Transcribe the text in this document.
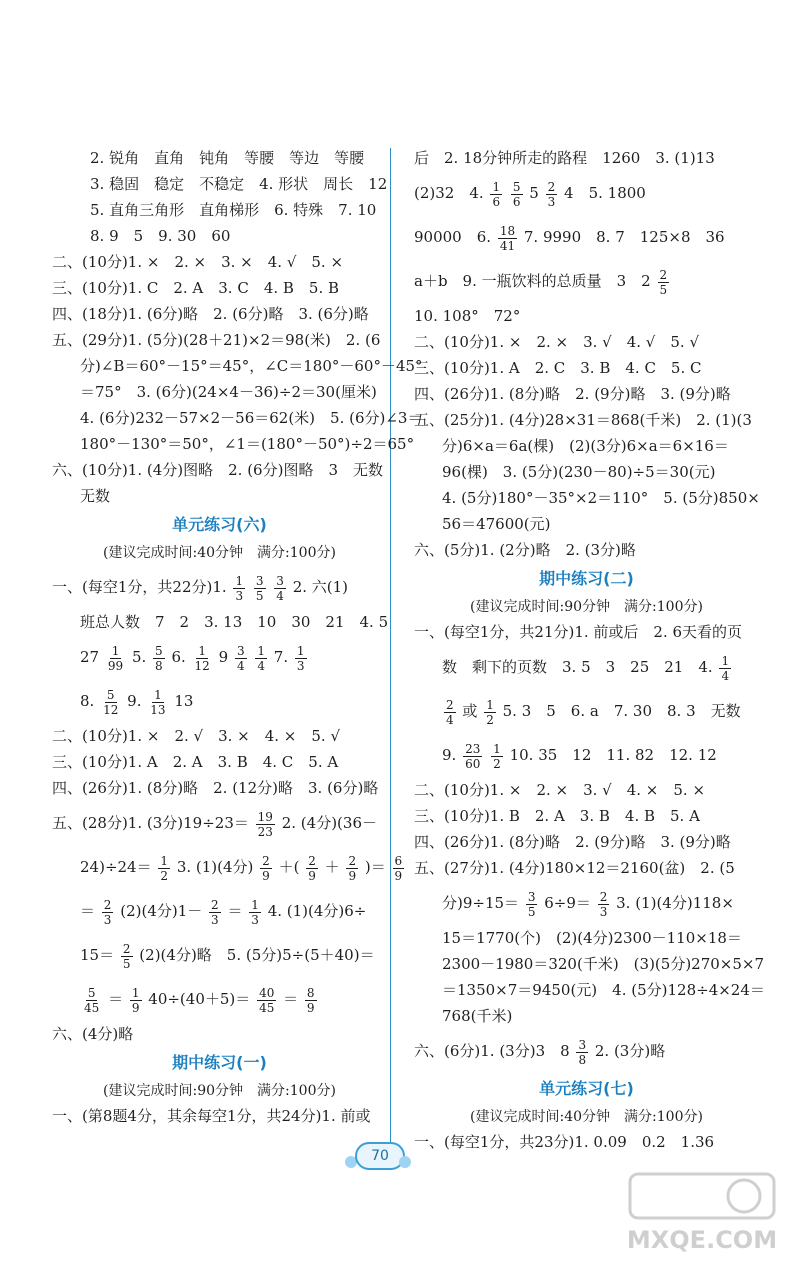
2. 锐角　直角　钝角　等腰　等边　等腰
3. 稳固　稳定　不稳定　4. 形状　周长　12
5. 直角三角形　直角梯形　6. 特殊　7. 10
8. 9　5　9. 30　60
二、(10分)1. ×　2. ×　3. ×　4. √　5. ×
三、(10分)1. C　2. A　3. C　4. B　5. B
四、(18分)1. (6分)略　2. (6分)略　3. (6分)略
五、(29分)1. (5分)(28＋21)×2＝98(米)　2. (6
分)∠B＝60°－15°＝45°，∠C＝180°－60°－45°
＝75°　3. (6分)(24×4－36)÷2＝30(厘米)
4. (6分)232－57×2－56＝62(米)　5. (6分)∠3＝
180°－130°＝50°，∠1＝(180°－50°)÷2＝65°
六、(10分)1. (4分)图略　2. (6分)图略　3　无数
无数
单元练习(六)
(建议完成时间:40分钟　满分:100分)
一、(每空1分，共22分)1. $\frac{1}{3}$
$\frac{3}{5}$
$\frac{3}{4} 2$. 六(1)
班总人数　7　2　3. 13　10　30　21　4. 5
$27 \frac{1}{99} 5$. $\frac{5}{8} 6$. $\frac{1}{12} 9 \frac{3}{4}$
$\frac{1}{4} 7$. $\frac{1}{3}$
8. $\frac{5}{12} 9$. $\frac{1}{13} 13$
二、(10分)1. ×　2. √　3. ×　4. ×　5. √
三、(10分)1. A　2. A　3. B　4. C　5. A
四、(26分)1. (8分)略　2. (12分)略　3. (6分)略
五、(28分)1. (3分)$19\div 23= \frac{19}{23} 2$. (4分)(36－
$24)\div 24= \frac{1}{2} 3$. (1)(4分) $\frac{2}{9}$ ＋( $\frac{2}{9} + \frac{2}{9}$ )＝ $\frac{6}{9}$
＝ $\frac{2}{3} (2)(4$分)$1- \frac{2}{3} = \frac{1}{3} 4$. (1)(4分)6÷
$15= \frac{2}{5} (2)(4$分)略　5. (5分)5÷(5＋40)＝
$\frac{5}{45} = \frac{1}{9} 40\div(40+5)= \frac{40}{45} = \frac{8}{9}$
六、(4分)略
期中练习(一)
(建议完成时间:90分钟　满分:100分)
一、(第8题4分，其余每空1分，共24分)1. 前或
后　2. 18分钟所走的路程　1260　3. (1)13
(2)32　4. $\frac{1}{6}$
$\frac{5}{6} 5 \frac{2}{3} 4$　5. 1800
90000　6. $\frac{18}{41} 7$. 9990　8. 7　125×8　36
a＋b　9. 一瓶饮料的总质量　3　$2 \frac{2}{5}$
10. 108°　72°
二、(10分)1. ×　2. ×　3. √　4. √　5. √
三、(10分)1. A　2. C　3. B　4. C　5. C
四、(26分)1. (8分)略　2. (9分)略　3. (9分)略
五、(25分)1. (4分)28×31＝868(千米)　2. (1)(3
分)6×a＝6a(棵)　(2)(3分)6×a＝6×16＝
96(棵)　3. (5分)(230－80)÷5＝30(元)
4. (5分)180°－35°×2＝110°　5. (5分)850×
56＝47600(元)
六、(5分)1. (2分)略　2. (3分)略
期中练习(二)
(建议完成时间:90分钟　满分:100分)
一、(每空1分，共21分)1. 前或后　2. 6天看的页
数　剩下的页数　3. 5　3　25　21　4. $\frac{1}{4}$
$\frac{2}{4}$ 或 $\frac{1}{2} 5$. 3　5　6. a　7. 30　8. 3　无数
9. $\frac{23}{60}$
$\frac{1}{2} 10$. 35　12　11. 82　12. 12
二、(10分)1. ×　2. ×　3. √　4. ×　5. ×
三、(10分)1. B　2. A　3. B　4. B　5. A
四、(26分)1. (8分)略　2. (9分)略　3. (9分)略
五、(27分)1. (4分)180×12＝2160(盆)　2. (5
分)$9\div 15= \frac{3}{5} 6\div 9= \frac{2}{3} 3$. (1)(4分)118×
15＝1770(个)　(2)(4分)2300－110×18＝
2300－1980＝320(千米)　(3)(5分)270×5×7
＝1350×7＝9450(元)　4. (5分)128÷4×24＝
768(千米)
六、(6分)1. (3分)3　$8 \frac{3}{8} 2$. (3分)略
单元练习(七)
(建议完成时间:40分钟　满分:100分)
一、(每空1分，共23分)1. 0.09　0.2　1.36
70
MXQE.COM
